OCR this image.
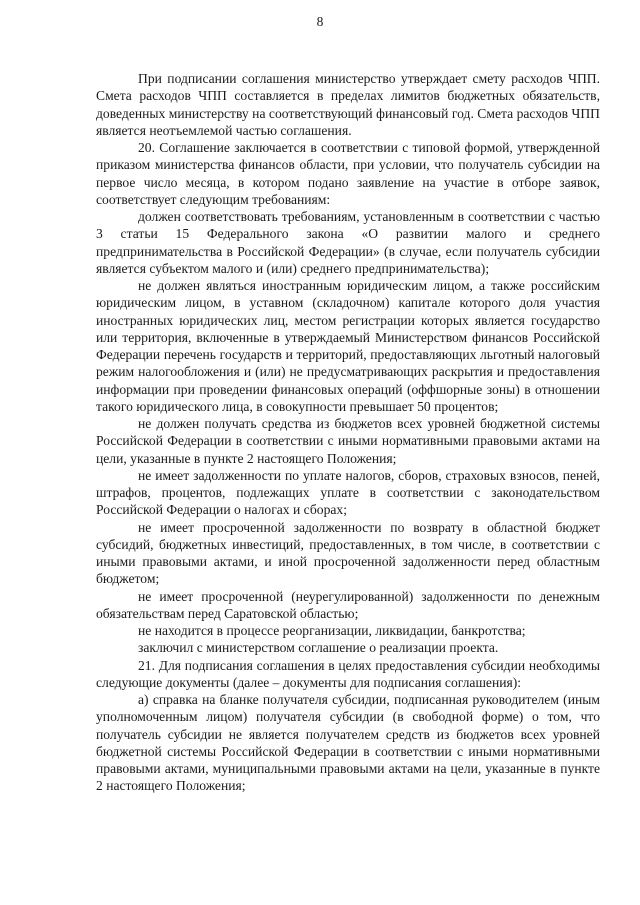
8

При подписании соглашения министерство утверждает смету расходов ЧПП. Смета расходов ЧПП составляется в пределах лимитов бюджетных обязательств, доведенных министерству на соответствующий финансовый год. Смета расходов ЧПП является неотъемлемой частью соглашения.

20. Соглашение заключается в соответствии с типовой формой, утвержденной приказом министерства финансов области, при условии, что получатель субсидии на первое число месяца, в котором подано заявление на участие в отборе заявок, соответствует следующим требованиям:

должен соответствовать требованиям, установленным в соответствии с частью 3 статьи 15 Федерального закона «О развитии малого и среднего предпринимательства в Российской Федерации» (в случае, если получатель субсидии является субъектом малого и (или) среднего предпринимательства);

не должен являться иностранным юридическим лицом, а также российским юридическим лицом, в уставном (складочном) капитале которого доля участия иностранных юридических лиц, местом регистрации которых является государство или территория, включенные в утверждаемый Министерством финансов Российской Федерации перечень государств и территорий, предоставляющих льготный налоговый режим налогообложения и (или) не предусматривающих раскрытия и предоставления информации при проведении финансовых операций (оффшорные зоны) в отношении такого юридического лица, в совокупности превышает 50 процентов;

не должен получать средства из бюджетов всех уровней бюджетной системы Российской Федерации в соответствии с иными нормативными правовыми актами на цели, указанные в пункте 2 настоящего Положения;

не имеет задолженности по уплате налогов, сборов, страховых взносов, пеней, штрафов, процентов, подлежащих уплате в соответствии с законодательством Российской Федерации о налогах и сборах;

не имеет просроченной задолженности по возврату в областной бюджет субсидий, бюджетных инвестиций, предоставленных, в том числе, в соответствии с иными правовыми актами, и иной просроченной задолженности перед областным бюджетом;

не имеет просроченной (неурегулированной) задолженности по денежным обязательствам перед Саратовской областью;

не находится в процессе реорганизации, ликвидации, банкротства;

заключил с министерством соглашение о реализации проекта.

21. Для подписания соглашения в целях предоставления субсидии необходимы следующие документы (далее – документы для подписания соглашения):

а) справка на бланке получателя субсидии, подписанная руководителем (иным уполномоченным лицом) получателя субсидии (в свободной форме) о том, что получатель субсидии не является получателем средств из бюджетов всех уровней бюджетной системы Российской Федерации в соответствии с иными нормативными правовыми актами, муниципальными правовыми актами на цели, указанные в пункте 2 настоящего Положения;
